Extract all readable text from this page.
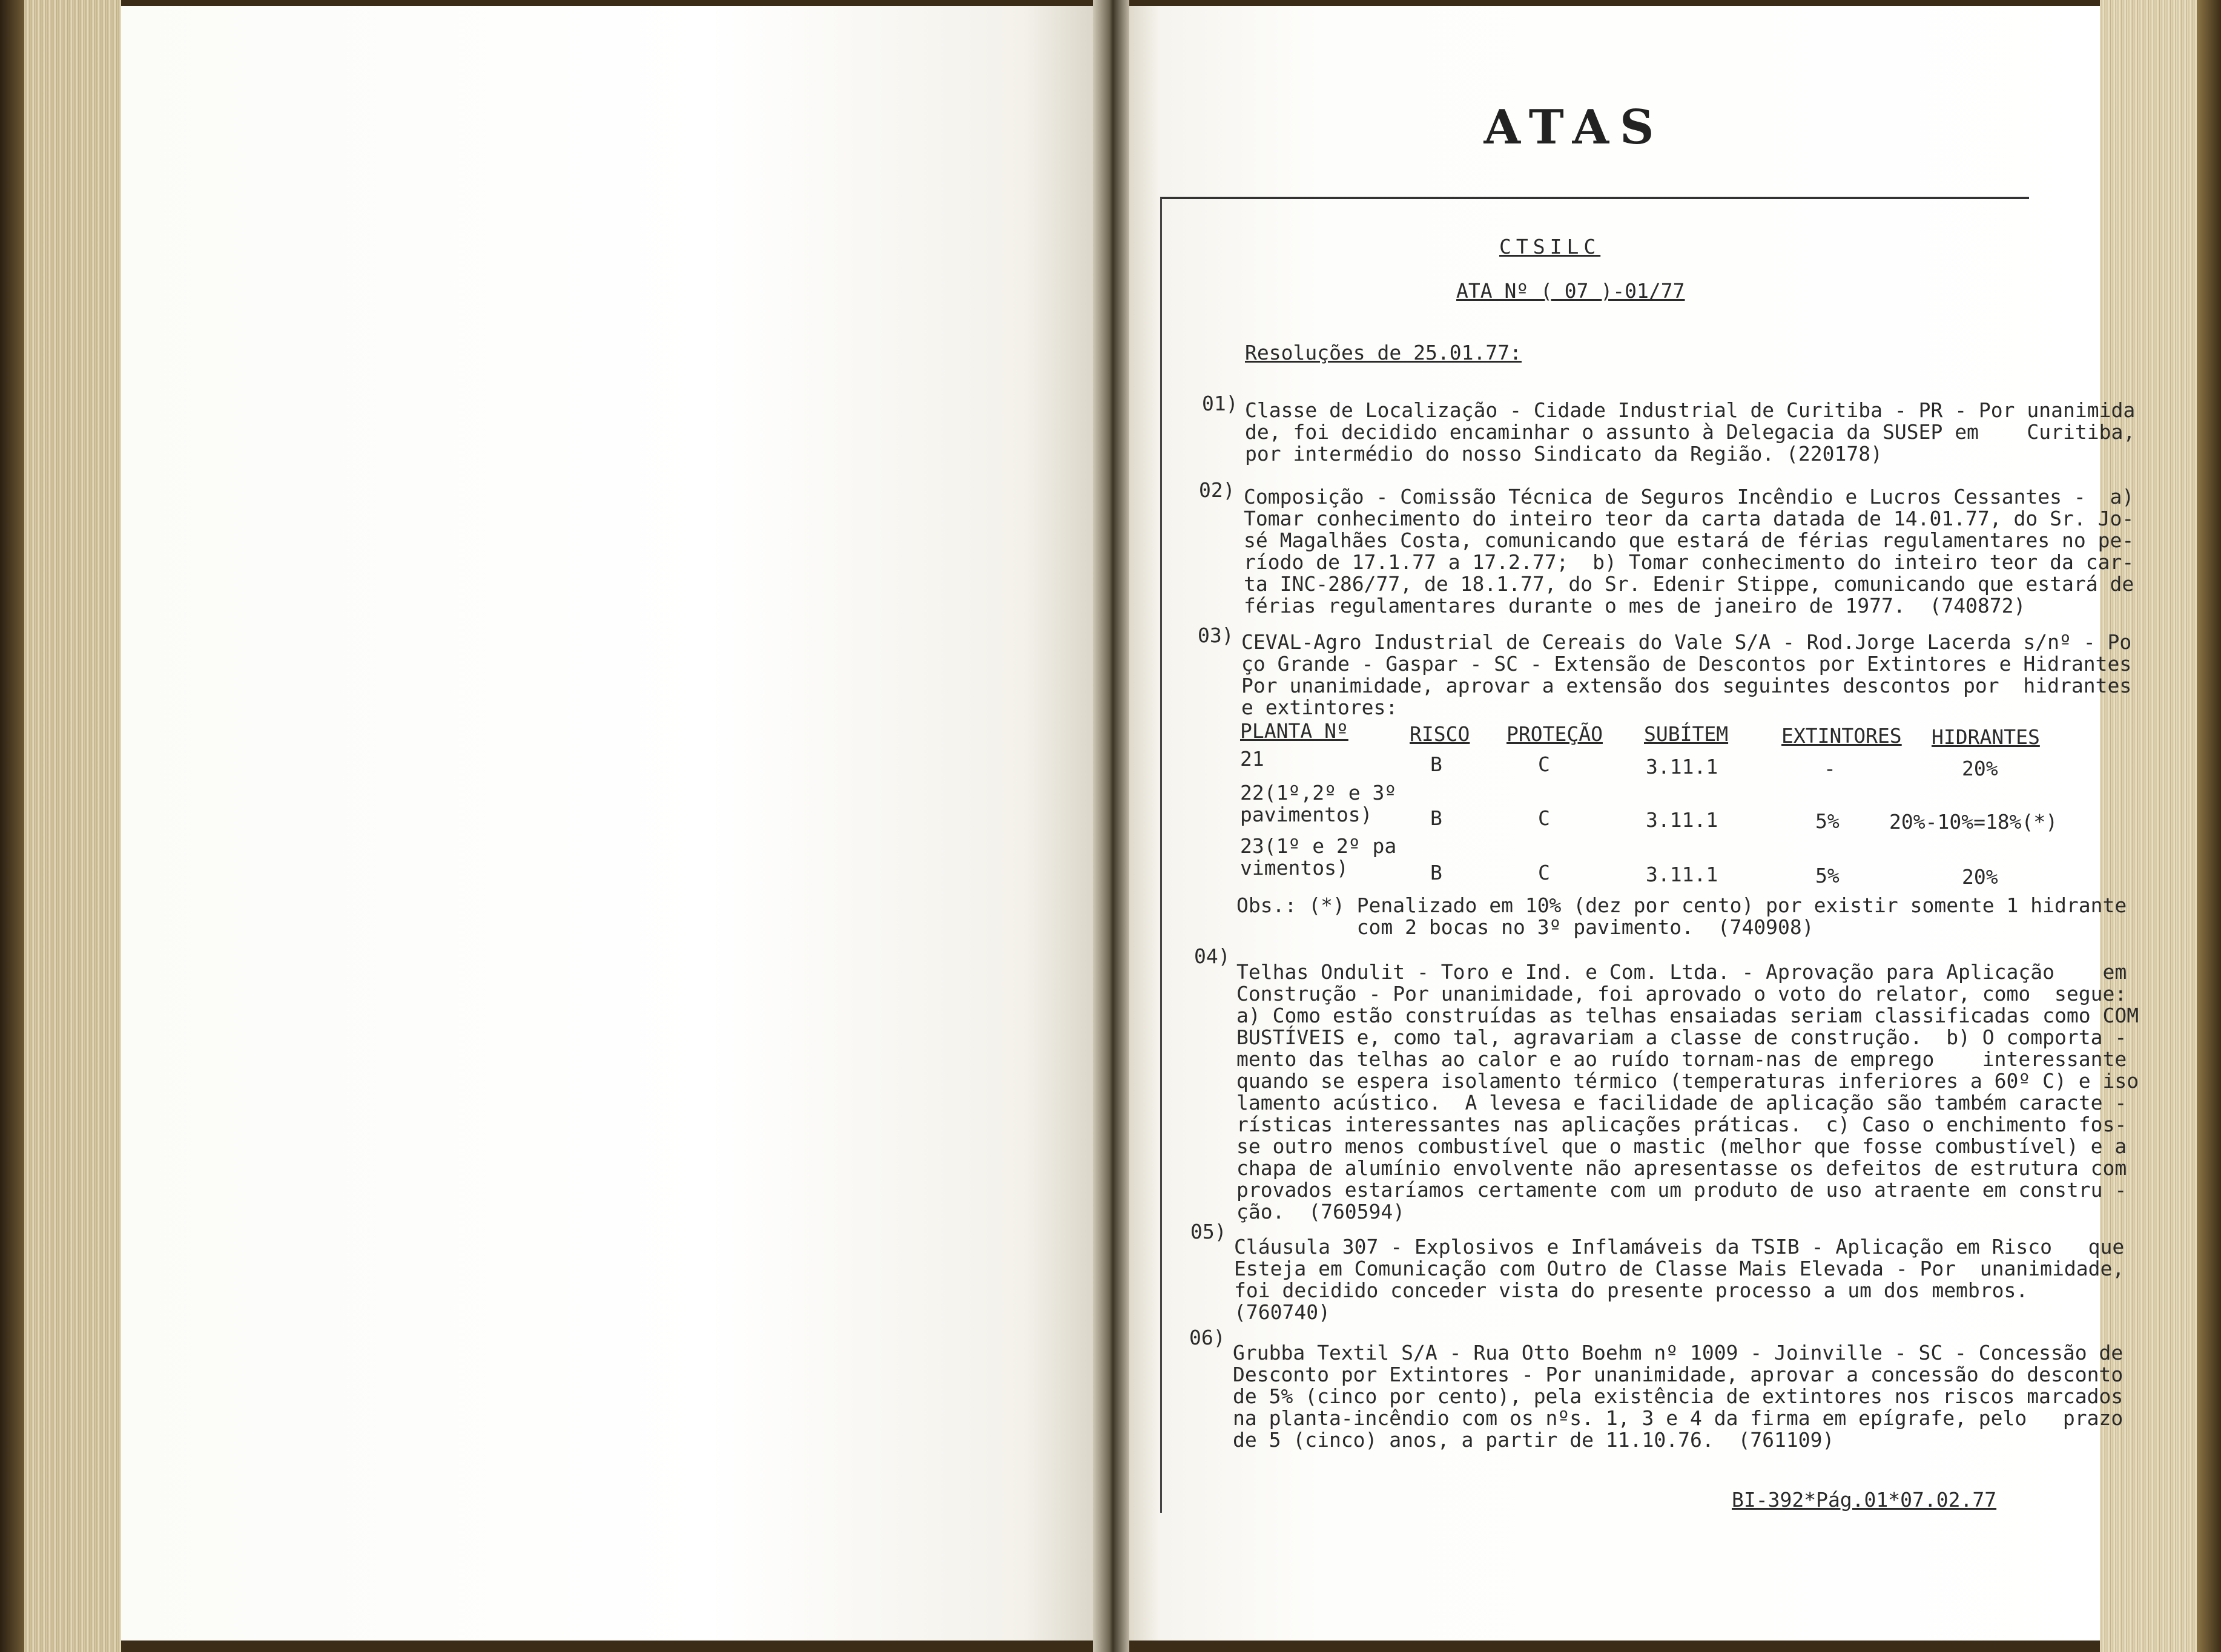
ATAS
CTSILC
ATA Nº ( 07 )-01/77
Resoluções de 25.01.77:
01) Classe de Localização - Cidade Industrial de Curitiba - PR - Por unanimida
de, foi decidido encaminhar o assunto à Delegacia da SUSEP em    Curitiba,
por intermédio do nosso Sindicato da Região. (220178)
02) Composição - Comissão Técnica de Seguros Incêndio e Lucros Cessantes -  a)
Tomar conhecimento do inteiro teor da carta datada de 14.01.77, do Sr. Jo-
sé Magalhães Costa, comunicando que estará de férias regulamentares no pe-
ríodo de 17.1.77 a 17.2.77;  b) Tomar conhecimento do inteiro teor da car-
ta INC-286/77, de 18.1.77, do Sr. Edenir Stippe, comunicando que estará de
férias regulamentares durante o mes de janeiro de 1977.  (740872)
03) CEVAL-Agro Industrial de Cereais do Vale S/A - Rod.Jorge Lacerda s/nº - Po
ço Grande - Gaspar - SC - Extensão de Descontos por Extintores e Hidrantes
Por unanimidade, aprovar a extensão dos seguintes descontos por  hidrantes
e extintores:
PLANTA Nº	RISCO PROTEÇÃO SUBÍTEM	EXTINTORES HIDRANTES
21	B	C	3.11.1	-	20%
22(1º,2º e 3º
pavimentos)	B	C	3.11.1	5% 20%-10%=18%(*)
23(1º e 2º pa
vimentos)	B	C	3.11.1	5%	20%
Obs.: (*) Penalizado em 10% (dez por cento) por existir somente 1 hidrante
com 2 bocas no 3º pavimento.  (740908)
04)
Telhas Ondulit - Toro e Ind. e Com. Ltda. - Aprovação para Aplicação    em
Construção - Por unanimidade, foi aprovado o voto do relator, como  segue:
a) Como estão construídas as telhas ensaiadas seriam classificadas como COM
BUSTÍVEIS e, como tal, agravariam a classe de construção.  b) O comporta -
mento das telhas ao calor e ao ruído tornam-nas de emprego    interessante
quando se espera isolamento térmico (temperaturas inferiores a 60º C) e iso
lamento acústico.  A levesa e facilidade de aplicação são também caracte -
rísticas interessantes nas aplicações práticas.  c) Caso o enchimento fos-
se outro menos combustível que o mastic (melhor que fosse combustível) e a
chapa de alumínio envolvente não apresentasse os defeitos de estrutura com
provados estaríamos certamente com um produto de uso atraente em constru -
ção.  (760594)
05)
Cláusula 307 - Explosivos e Inflamáveis da TSIB - Aplicação em Risco   que
Esteja em Comunicação com Outro de Classe Mais Elevada - Por  unanimidade,
foi decidido conceder vista do presente processo a um dos membros.
(760740)
06)
Grubba Textil S/A - Rua Otto Boehm nº 1009 - Joinville - SC - Concessão de
Desconto por Extintores - Por unanimidade, aprovar a concessão do desconto
de 5% (cinco por cento), pela existência de extintores nos riscos marcados
na planta-incêndio com os nºs. 1, 3 e 4 da firma em epígrafe, pelo   prazo
de 5 (cinco) anos, a partir de 11.10.76.  (761109)
BI-392*Pág.01*07.02.77
